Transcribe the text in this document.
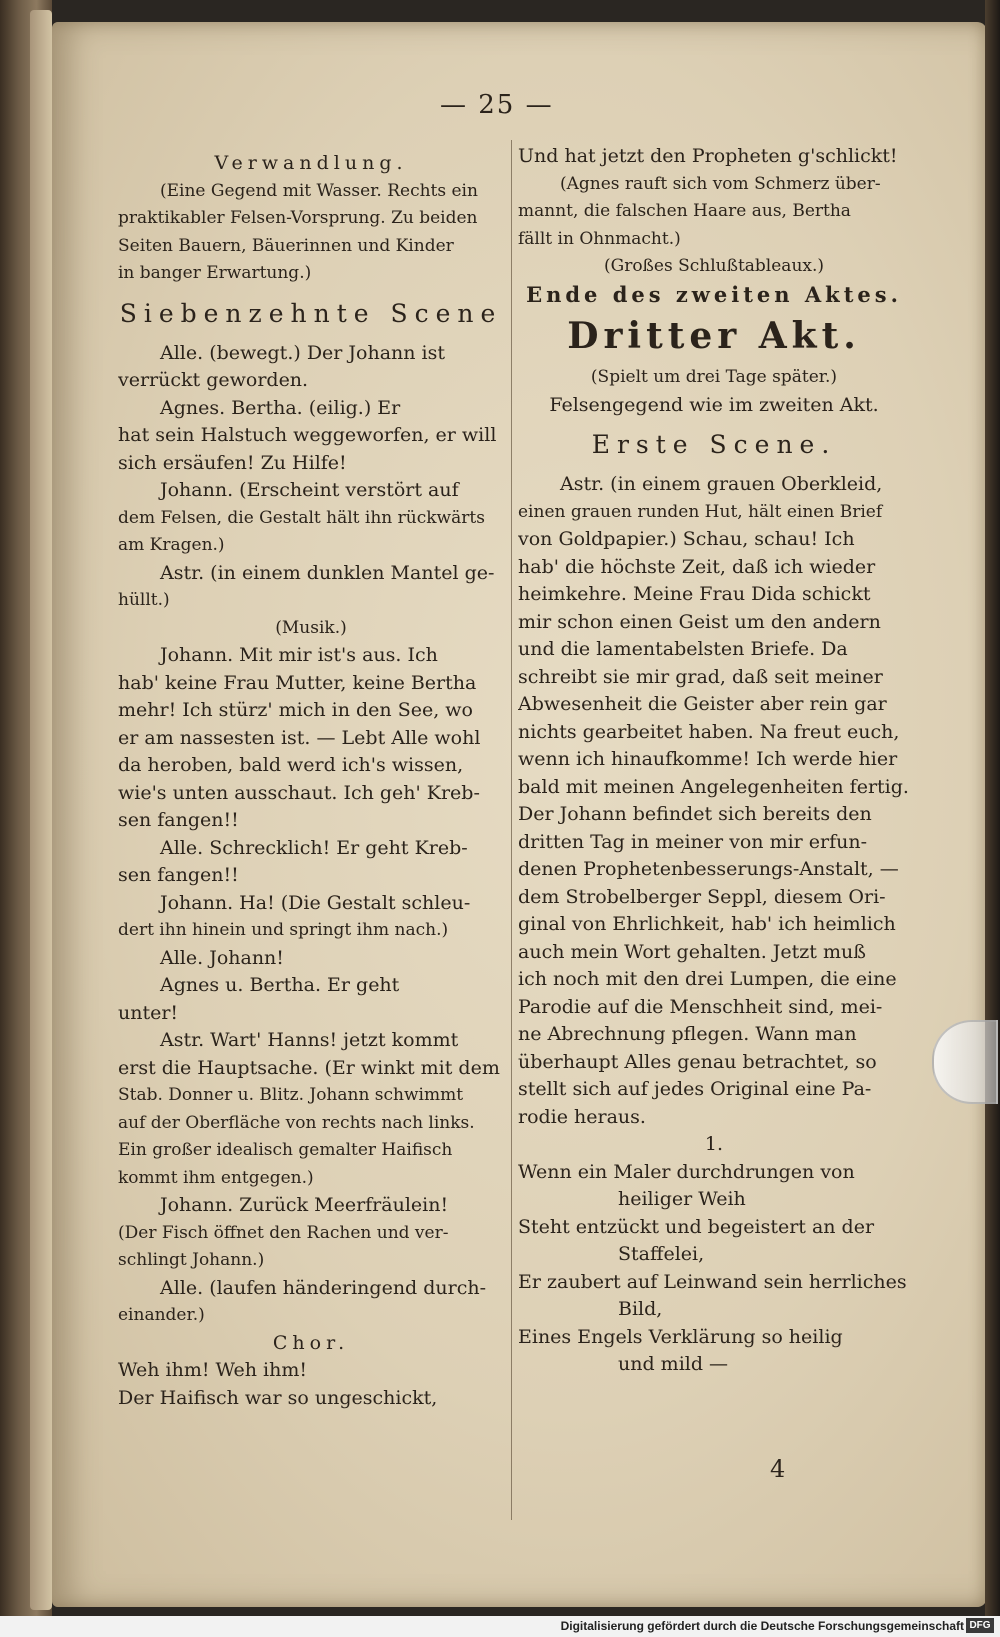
— 25 —
Verwandlung.
(Eine Gegend mit Wasser. Rechts ein
praktikabler Felsen-Vorsprung. Zu beiden
Seiten Bauern, Bäuerinnen und Kinder
in banger Erwartung.)
Siebenzehnte Scene
Alle. (bewegt.) Der Johann ist
verrückt geworden.
Agnes. Bertha. (eilig.) Er
hat sein Halstuch weggeworfen, er will
sich ersäufen! Zu Hilfe!
Johann. (Erscheint verstört auf
dem Felsen, die Gestalt hält ihn rückwärts
am Kragen.)
Astr. (in einem dunklen Mantel ge-
hüllt.)
(Musik.)
Johann. Mit mir ist's aus. Ich
hab' keine Frau Mutter, keine Bertha
mehr! Ich stürz' mich in den See, wo
er am nassesten ist. — Lebt Alle wohl
da heroben, bald werd ich's wissen,
wie's unten ausschaut. Ich geh' Kreb-
sen fangen!!
Alle. Schrecklich! Er geht Kreb-
sen fangen!!
Johann. Ha! (Die Gestalt schleu-
dert ihn hinein und springt ihm nach.)
Alle. Johann!
Agnes u. Bertha. Er geht
unter!
Astr. Wart' Hanns! jetzt kommt
erst die Hauptsache. (Er winkt mit dem
Stab. Donner u. Blitz. Johann schwimmt
auf der Oberfläche von rechts nach links.
Ein großer idealisch gemalter Haifisch
kommt ihm entgegen.)
Johann. Zurück Meerfräulein!
(Der Fisch öffnet den Rachen und ver-
schlingt Johann.)
Alle. (laufen händeringend durch-
einander.)
Chor.
Weh ihm! Weh ihm!
Der Haifisch war so ungeschickt,
Und hat jetzt den Propheten g'schlickt!
(Agnes rauft sich vom Schmerz über-
mannt, die falschen Haare aus, Bertha
fällt in Ohnmacht.)
(Großes Schlußtableaux.)
Ende des zweiten Aktes.
Dritter Akt.
(Spielt um drei Tage später.)
Felsengegend wie im zweiten Akt.
Erste Scene.
Astr. (in einem grauen Oberkleid,
einen grauen runden Hut, hält einen Brief
von Goldpapier.) Schau, schau! Ich
hab' die höchste Zeit, daß ich wieder
heimkehre. Meine Frau Dida schickt
mir schon einen Geist um den andern
und die lamentabelsten Briefe. Da
schreibt sie mir grad, daß seit meiner
Abwesenheit die Geister aber rein gar
nichts gearbeitet haben. Na freut euch,
wenn ich hinaufkomme! Ich werde hier
bald mit meinen Angelegenheiten fertig.
Der Johann befindet sich bereits den
dritten Tag in meiner von mir erfun-
denen Prophetenbesserungs-Anstalt, —
dem Strobelberger Seppl, diesem Ori-
ginal von Ehrlichkeit, hab' ich heimlich
auch mein Wort gehalten. Jetzt muß
ich noch mit den drei Lumpen, die eine
Parodie auf die Menschheit sind, mei-
ne Abrechnung pflegen. Wann man
überhaupt Alles genau betrachtet, so
stellt sich auf jedes Original eine Pa-
rodie heraus.
1.
Wenn ein Maler durchdrungen von
heiliger Weih
Steht entzückt und begeistert an der
Staffelei,
Er zaubert auf Leinwand sein herrliches
Bild,
Eines Engels Verklärung so heilig
und mild —
4
Digitalisierung gefördert durch die Deutsche Forschungsgemeinschaft DFG
